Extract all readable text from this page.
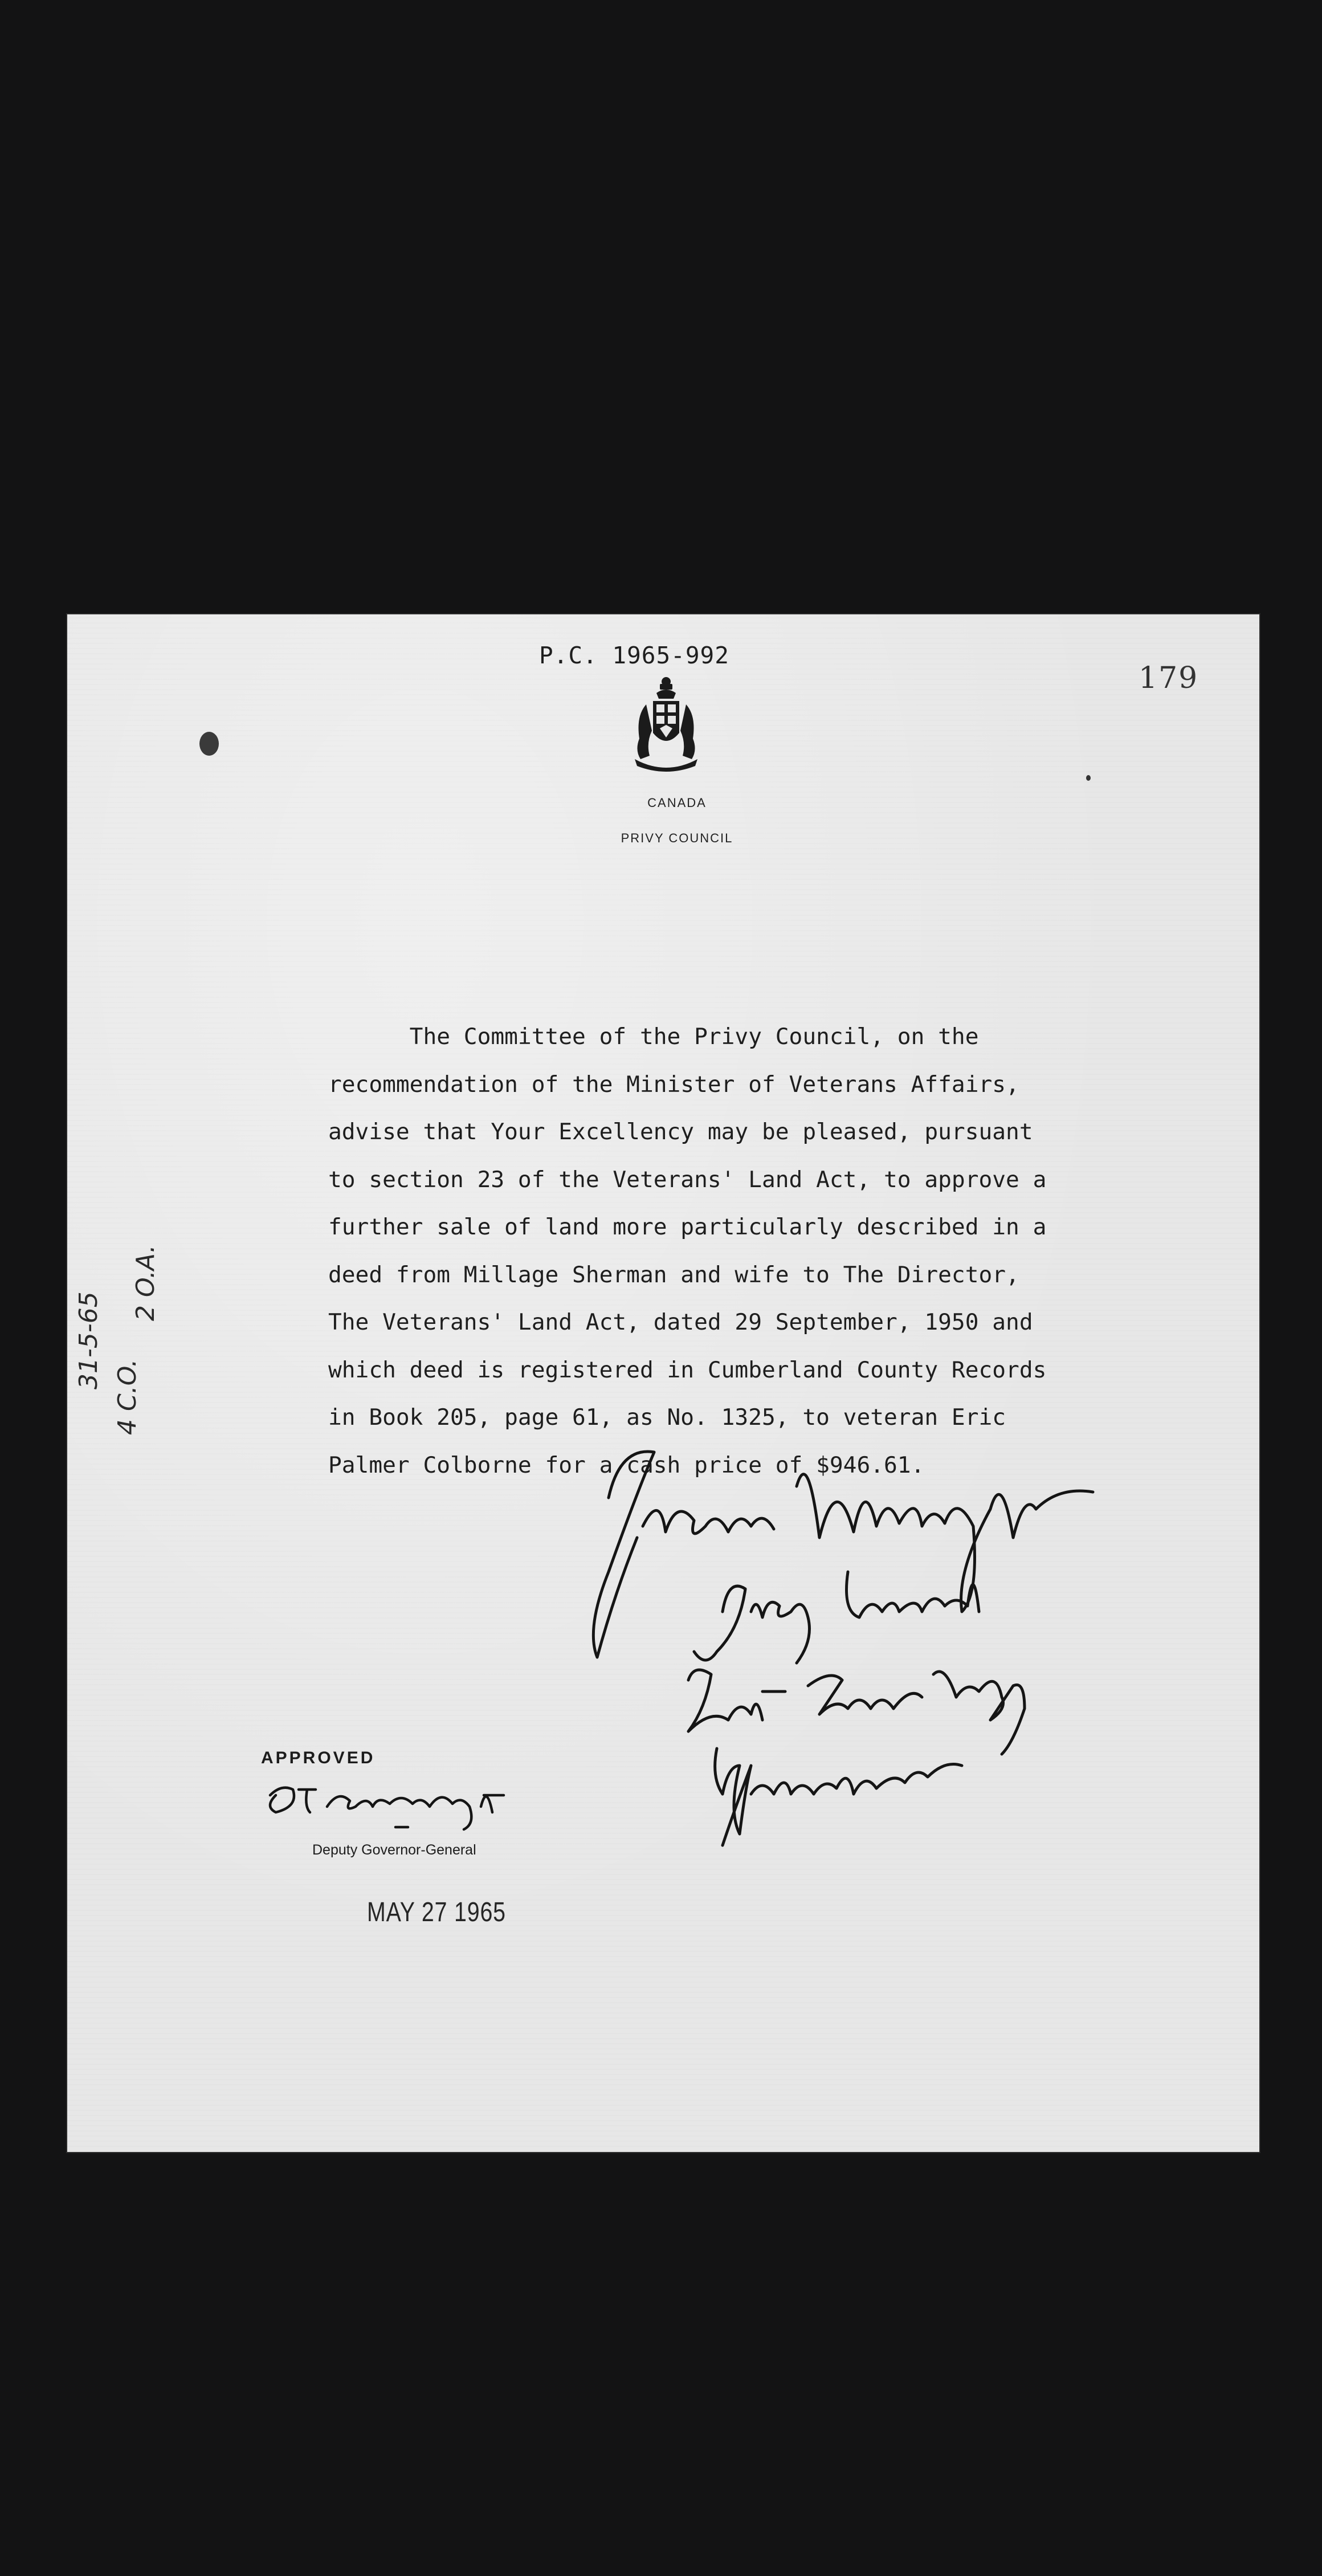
P.C. 1965-992
179
CANADA
PRIVY COUNCIL
The Committee of the Privy Council, on the
recommendation of the Minister of Veterans Affairs,
advise that Your Excellency may be pleased, pursuant
to section 23 of the Veterans' Land Act, to approve a
further sale of land more particularly described in a
deed from Millage Sherman and wife to The Director,
The Veterans' Land Act, dated 29 September, 1950 and
which deed is registered in Cumberland County Records
in Book 205, page 61, as No. 1325, to veteran Eric
Palmer Colborne for a cash price of $946.61.
31-5-65
4 C.O.
2 O.A.
APPROVED
Deputy Governor-General
MAY 27 1965
